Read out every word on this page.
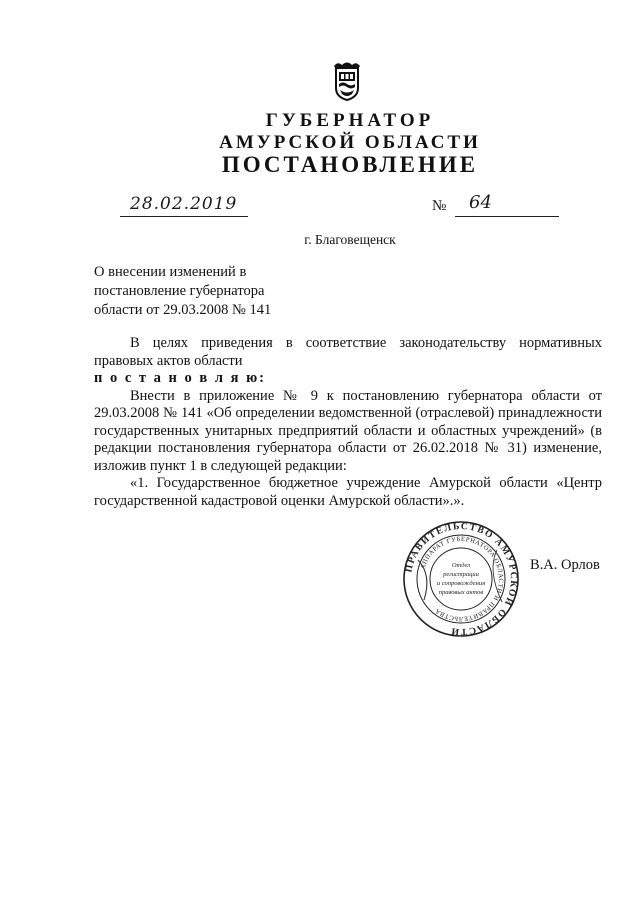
ГУБЕРНАТОР
АМУРСКОЙ ОБЛАСТИ
ПОСТАНОВЛЕНИЕ
28.02.2019	№ 64
г. Благовещенск
О внесении изменений в
постановление губернатора
области от 29.03.2008 № 141

В целях приведения в соответствие законодательству нормативных правовых актов области

п о с т а н о в л я ю:

Внести в приложение № 9 к постановлению губернатора области от 29.03.2008 № 141 «Об определении ведомственной (отраслевой) принадлежности государственных унитарных предприятий области и областных учреждений» (в редакции постановления губернатора области от 26.02.2018 № 31) изменение, изложив пункт 1 в следующей редакции:

«1. Государственное бюджетное учреждение Амурской области «Центр государственной кадастровой оценки Амурской области».».

ПРАВИТЕЛЬСТВО АМУРСКОЙ ОБЛАСТИ
АППАРАТ ГУБЕРНАТОРА ОБЛАСТИ И ПРАВИТЕЛЬСТВА
Отдел
регистрации
и сопровождения
правовых актов
В.А. Орлов
